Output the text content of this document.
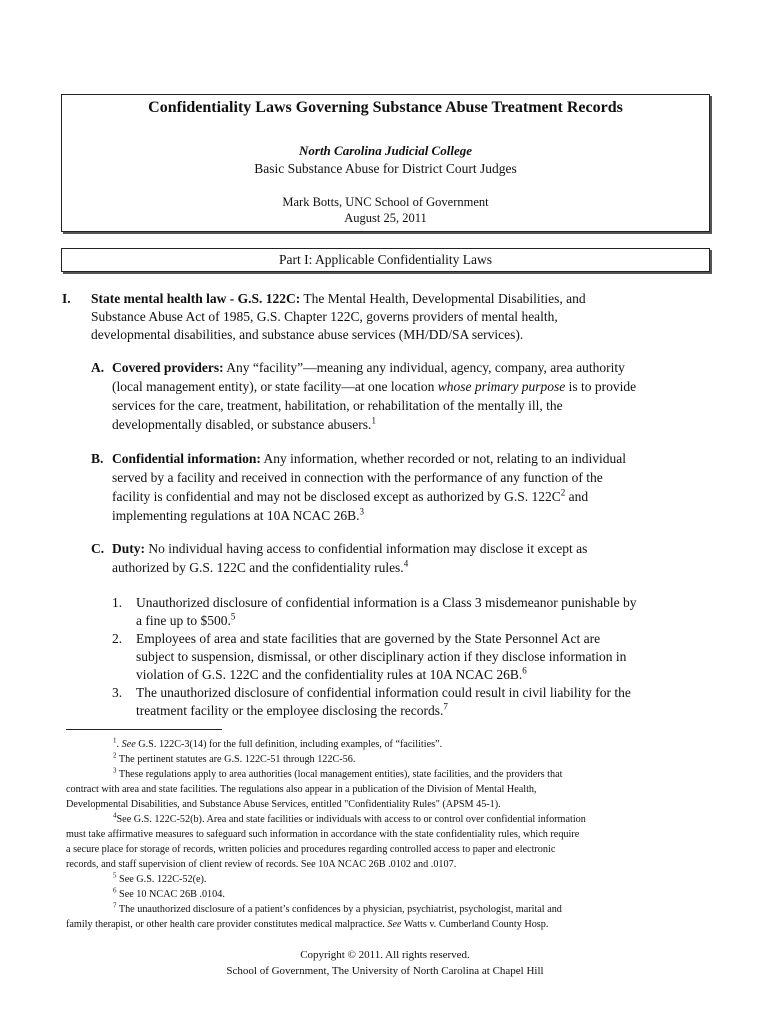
Confidentiality Laws Governing Substance Abuse Treatment Records
North Carolina Judicial College
Basic Substance Abuse for District Court Judges
Mark Botts, UNC School of Government
August 25, 2011
Part I: Applicable Confidentiality Laws
I. State mental health law - G.S. 122C: The Mental Health, Developmental Disabilities, and
Substance Abuse Act of 1985, G.S. Chapter 122C, governs providers of mental health,
developmental disabilities, and substance abuse services (MH/DD/SA services).
A. Covered providers: Any “facility”—meaning any individual, agency, company, area authority
(local management entity), or state facility—at one location whose primary purpose is to provide
services for the care, treatment, habilitation, or rehabilitation of the mentally ill, the
developmentally disabled, or substance abusers.$^1$
B. Confidential information: Any information, whether recorded or not, relating to an individual
served by a facility and received in connection with the performance of any function of the
facility is confidential and may not be disclosed except as authorized by G.S. $122C^2$ and
implementing regulations at 10A NCAC 26B.$^3$
C. Duty: No individual having access to confidential information may disclose it except as
authorized by G.S. 122C and the confidentiality rules.$^4$
1. Unauthorized disclosure of confidential information is a Class 3 misdemeanor punishable by
a fine up to $500.$^5$
2. Employees of area and state facilities that are governed by the State Personnel Act are
subject to suspension, dismissal, or other disciplinary action if they disclose information in
violation of G.S. 122C and the confidentiality rules at 10A NCAC 26B.$^6$
3. The unauthorized disclosure of confidential information could result in civil liability for the
treatment facility or the employee disclosing the records.$^7$
$^1$. See G.S. 122C-3(14) for the full definition, including examples, of “facilities”.
$^2$ The pertinent statutes are G.S. 122C-51 through 122C-56.
$^3$ These regulations apply to area authorities (local management entities), state facilities, and the providers that
contract with area and state facilities. The regulations also appear in a publication of the Division of Mental Health,
Developmental Disabilities, and Substance Abuse Services, entitled "Confidentiality Rules" (APSM 45-1).
$^4$See G.S. 122C-52(b). Area and state facilities or individuals with access to or control over confidential information
must take affirmative measures to safeguard such information in accordance with the state confidentiality rules, which require
a secure place for storage of records, written policies and procedures regarding controlled access to paper and electronic
records, and staff supervision of client review of records. See 10A NCAC 26B .0102 and .0107.
$^5$ See G.S. 122C-52(e).
$^6$ See 10 NCAC 26B .0104.
$^7$ The unauthorized disclosure of a patient’s confidences by a physician, psychiatrist, psychologist, marital and
family therapist, or other health care provider constitutes medical malpractice. See Watts v. Cumberland County Hosp.
Copyright © 2011. All rights reserved.
School of Government, The University of North Carolina at Chapel Hill
